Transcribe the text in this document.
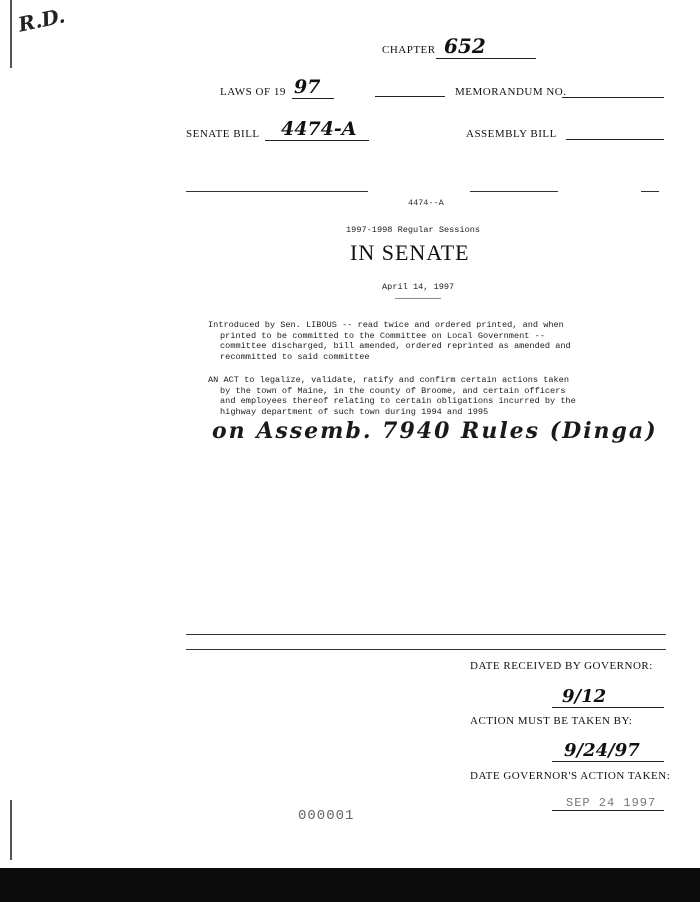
R.D.
CHAPTER 652
LAWS OF 19 97	MEMORANDUM NO.
SENATE BILL	4474-A	ASSEMBLY BILL
4474--A
1997-1998 Regular Sessions
IN SENATE
April 14, 1997
Introduced by Sen. LIBOUS -- read twice and ordered printed, and when
printed to be committed to the Committee on Local Government --
committee discharged, bill amended, ordered reprinted as amended and
recommitted to said committee
AN ACT to legalize, validate, ratify and confirm certain actions taken
by the town of Maine, in the county of Broome, and certain officers
and employees thereof relating to certain obligations incurred by the
highway department of such town during 1994 and 1995
on Assemb. 7940 Rules (Dinga)
DATE RECEIVED BY GOVERNOR:
9/12
ACTION MUST BE TAKEN BY:
9/24/97
DATE GOVERNOR'S ACTION TAKEN:
SEP 24 1997
000001
